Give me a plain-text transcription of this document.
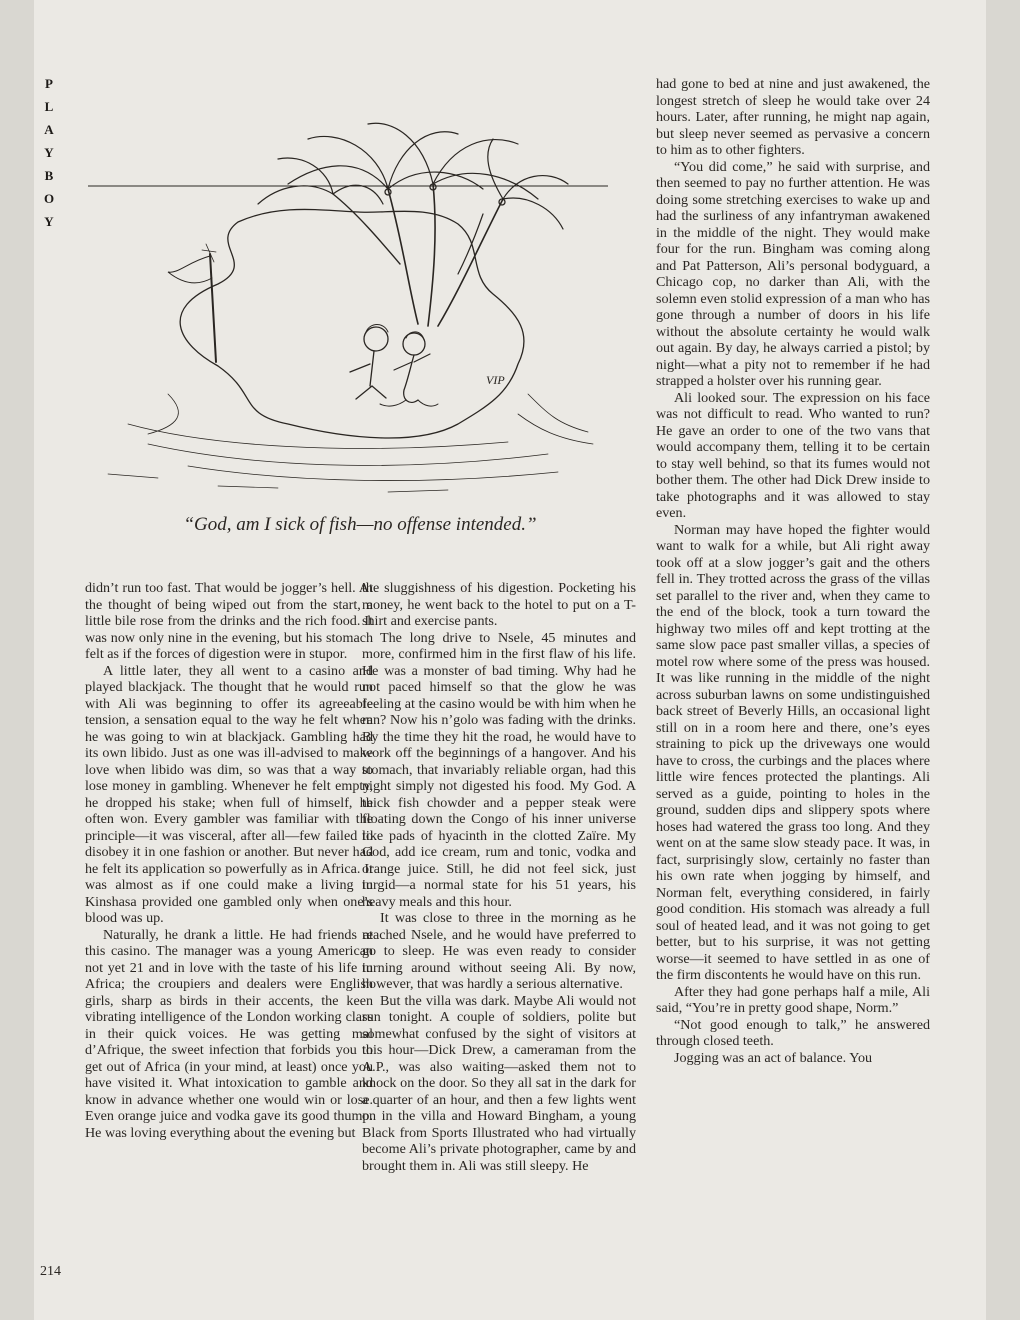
P
L
A
Y
B
O
Y
VIP
“God, am I sick of fish—no offense intended.”

didn’t run too fast. That would be jogger’s hell. At the thought of being wiped out from the start, a little bile rose from the drinks and the rich food. It was now only nine in the evening, but his stomach felt as if the forces of digestion were in stupor.

A little later, they all went to a casino and played blackjack. The thought that he would run with Ali was beginning to offer its agreeable tension, a sensation equal to the way he felt when he was going to win at blackjack. Gambling had its own libido. Just as one was ill-advised to make love when libido was dim, so was that a way to lose money in gambling. Whenever he felt empty, he dropped his stake; when full of himself, he often won. Every gambler was familiar with the principle—it was visceral, after all—few failed to disobey it in one fashion or another. But never had he felt its application so powerfully as in Africa. It was almost as if one could make a living in Kinshasa provided one gambled only when one’s blood was up.

Naturally, he drank a little. He had friends at this casino. The manager was a young American not yet 21 and in love with the taste of his life in Africa; the croupiers and dealers were English girls, sharp as birds in their accents, the keen vibrating intelligence of the London working class in their quick voices. He was getting mal d’Afrique, the sweet infection that forbids you to get out of Africa (in your mind, at least) once you have visited it. What intoxication to gamble and know in advance whether one would win or lose. Even orange juice and vodka gave its good thump. He was loving everything about the evening but

the sluggishness of his digestion. Pocketing his money, he went back to the hotel to put on a T-shirt and exercise pants.

The long drive to Nsele, 45 minutes and more, confirmed him in the first flaw of his life. He was a monster of bad timing. Why had he not paced himself so that the glow he was feeling at the casino would be with him when he ran? Now his n’golo was fading with the drinks. By the time they hit the road, he would have to work off the beginnings of a hangover. And his stomach, that invariably reliable organ, had this night simply not digested his food. My God. A thick fish chowder and a pepper steak were floating down the Congo of his inner universe like pads of hyacinth in the clotted Zaïre. My God, add ice cream, rum and tonic, vodka and orange juice. Still, he did not feel sick, just turgid—a normal state for his 51 years, his heavy meals and this hour.

It was close to three in the morning as he reached Nsele, and he would have preferred to go to sleep. He was even ready to consider turning around without seeing Ali. By now, however, that was hardly a serious alternative.

But the villa was dark. Maybe Ali would not run tonight. A couple of soldiers, polite but somewhat confused by the sight of visitors at this hour—Dick Drew, a cameraman from the A.P., was also waiting—asked them not to knock on the door. So they all sat in the dark for a quarter of an hour, and then a few lights went on in the villa and Howard Bingham, a young Black from Sports Illustrated who had virtually become Ali’s private photographer, came by and brought them in. Ali was still sleepy. He

had gone to bed at nine and just awakened, the longest stretch of sleep he would take over 24 hours. Later, after running, he might nap again, but sleep never seemed as pervasive a concern to him as to other fighters.

“You did come,” he said with surprise, and then seemed to pay no further attention. He was doing some stretching exercises to wake up and had the surliness of any infantryman awakened in the middle of the night. They would make four for the run. Bingham was coming along and Pat Patterson, Ali’s personal bodyguard, a Chicago cop, no darker than Ali, with the solemn even stolid expression of a man who has gone through a number of doors in his life without the absolute certainty he would walk out again. By day, he always carried a pistol; by night—what a pity not to remember if he had strapped a holster over his running gear.

Ali looked sour. The expression on his face was not difficult to read. Who wanted to run? He gave an order to one of the two vans that would accompany them, telling it to be certain to stay well behind, so that its fumes would not bother them. The other had Dick Drew inside to take photographs and it was allowed to stay even.

Norman may have hoped the fighter would want to walk for a while, but Ali right away took off at a slow jogger’s gait and the others fell in. They trotted across the grass of the villas set parallel to the river and, when they came to the end of the block, took a turn toward the highway two miles off and kept trotting at the same slow pace past smaller villas, a species of motel row where some of the press was housed. It was like running in the middle of the night across suburban lawns on some undistinguished back street of Beverly Hills, an occasional light still on in a room here and there, one’s eyes straining to pick up the driveways one would have to cross, the curbings and the places where little wire fences protected the plantings. Ali served as a guide, pointing to holes in the ground, sudden dips and slippery spots where hoses had watered the grass too long. And they went on at the same slow steady pace. It was, in fact, surprisingly slow, certainly no faster than his own rate when jogging by himself, and Norman felt, everything considered, in fairly good condition. His stomach was already a full soul of heated lead, and it was not going to get better, but to his surprise, it was not getting worse—it seemed to have settled in as one of the firm discontents he would have on this run.

After they had gone perhaps half a mile, Ali said, “You’re in pretty good shape, Norm.”

“Not good enough to talk,” he answered through closed teeth.

Jogging was an act of balance. You

214
